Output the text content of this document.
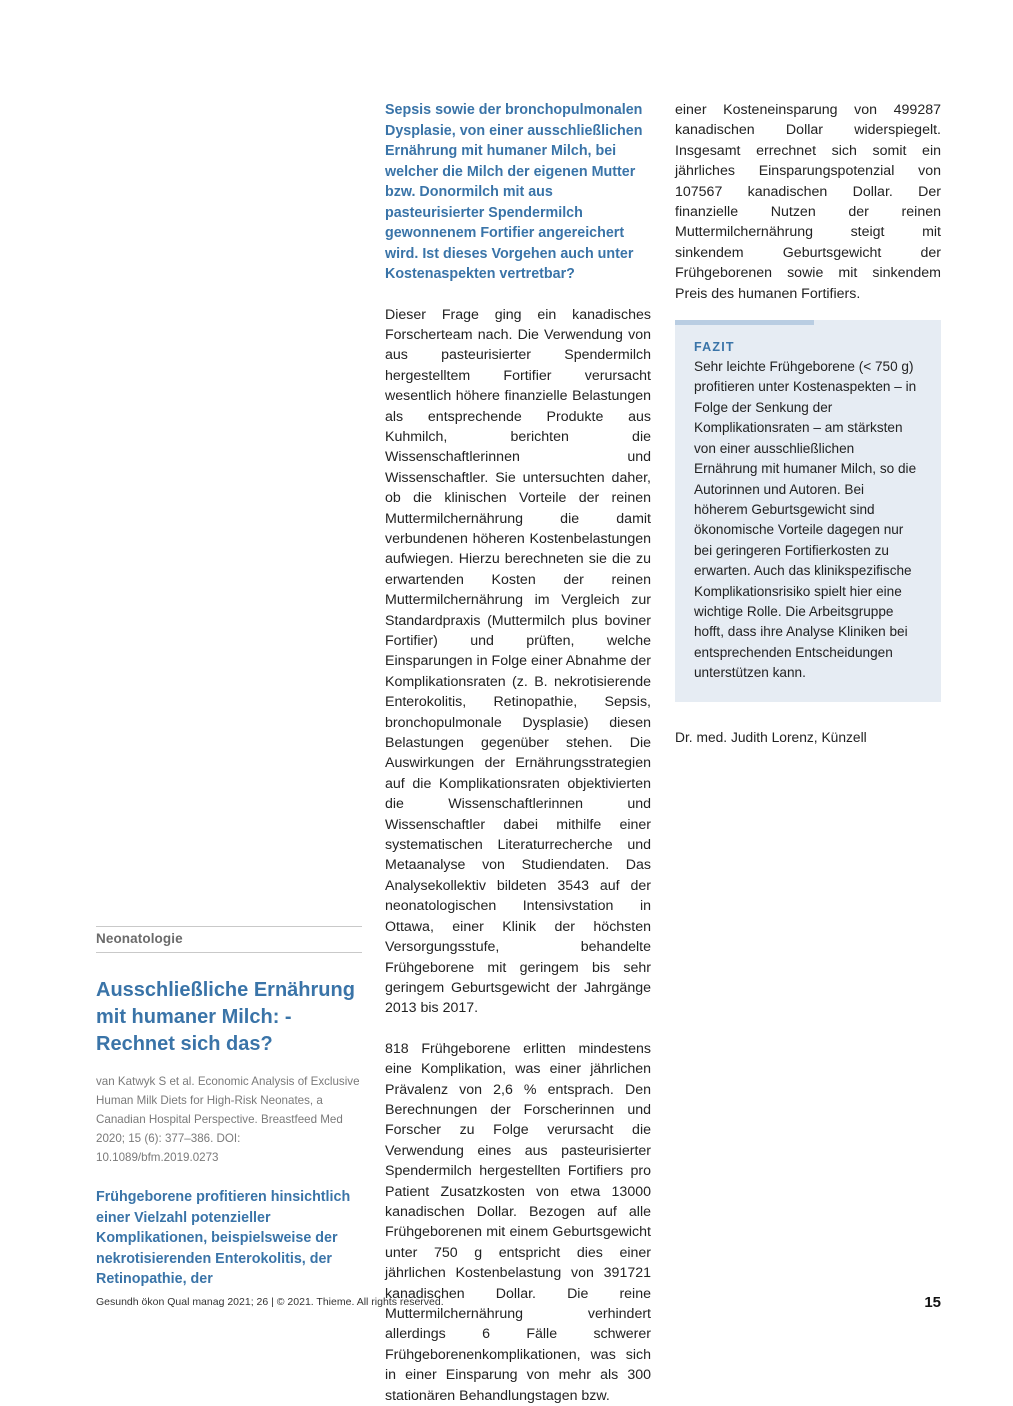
Neonatologie
Ausschließliche Ernährung mit humaner Milch: - Rechnet sich das?
van Katwyk S et al. Economic Analysis of Exclusive Human Milk Diets for High-Risk Neonates, a Canadian Hospital Perspective. Breastfeed Med 2020; 15 (6): 377–386. DOI: 10.1089/bfm.2019.0273

Frühgeborene profitieren hinsichtlich einer Vielzahl potenzieller Komplikationen, beispielsweise der nekrotisierenden Enterokolitis, der Retinopathie, der

Sepsis sowie der bronchopulmonalen Dysplasie, von einer ausschließlichen Ernährung mit humaner Milch, bei welcher die Milch der eigenen Mutter bzw. Donormilch mit aus pasteurisierter Spendermilch gewonnenem Fortifier angereichert wird. Ist dieses Vorgehen auch unter Kostenaspekten vertretbar?

Dieser Frage ging ein kanadisches Forscherteam nach. Die Verwendung von aus pasteurisierter Spendermilch hergestelltem Fortifier verursacht wesentlich höhere finanzielle Belastungen als entsprechende Produkte aus Kuhmilch, berichten die Wissenschaftlerinnen und Wissenschaftler. Sie untersuchten daher, ob die klinischen Vorteile der reinen Muttermilchernährung die damit verbundenen höheren Kostenbelastungen aufwiegen. Hierzu berechneten sie die zu erwartenden Kosten der reinen Muttermilchernährung im Vergleich zur Standardpraxis (Muttermilch plus boviner Fortifier) und prüften, welche Einsparungen in Folge einer Abnahme der Komplikationsraten (z. B. nekrotisierende Enterokolitis, Retinopathie, Sepsis, bronchopulmonale Dysplasie) diesen Belastungen gegenüber stehen. Die Auswirkungen der Ernährungsstrategien auf die Komplikationsraten objektivierten die Wissenschaftlerinnen und Wissenschaftler dabei mithilfe einer systematischen Literaturrecherche und Metaanalyse von Studiendaten. Das Analysekollektiv bildeten 3543 auf der neonatologischen Intensivstation in Ottawa, einer Klinik der höchsten Versorgungsstufe, behandelte Frühgeborene mit geringem bis sehr geringem Geburtsgewicht der Jahrgänge 2013 bis 2017.

818 Frühgeborene erlitten mindestens eine Komplikation, was einer jährlichen Prävalenz von 2,6 % entsprach. Den Berechnungen der Forscherinnen und Forscher zu Folge verursacht die Verwendung eines aus pasteurisierter Spendermilch hergestellten Fortifiers pro Patient Zusatzkosten von etwa 13000 kanadischen Dollar. Bezogen auf alle Frühgeborenen mit einem Geburtsgewicht unter 750 g entspricht dies einer jährlichen Kostenbelastung von 391721 kanadischen Dollar. Die reine Muttermilchernährung verhindert allerdings 6 Fälle schwerer Frühgeborenenkomplikationen, was sich in einer Einsparung von mehr als 300 stationären Behandlungstagen bzw.

einer Kosteneinsparung von 499287 kanadischen Dollar widerspiegelt. Insgesamt errechnet sich somit ein jährliches Einsparungspotenzial von 107567 kanadischen Dollar. Der finanzielle Nutzen der reinen Muttermilchernährung steigt mit sinkendem Geburtsgewicht der Frühgeborenen sowie mit sinkendem Preis des humanen Fortifiers.

FAZIT

Sehr leichte Frühgeborene (< 750 g) profitieren unter Kostenaspekten – in Folge der Senkung der Komplikationsraten – am stärksten von einer ausschließlichen Ernährung mit humaner Milch, so die Autorinnen und Autoren. Bei höherem Geburtsgewicht sind ökonomische Vorteile dagegen nur bei geringeren Fortifierkosten zu erwarten. Auch das klinikspezifische Komplikationsrisiko spielt hier eine wichtige Rolle. Die Arbeitsgruppe hofft, dass ihre Analyse Kliniken bei entsprechenden Entscheidungen unterstützen kann.

Dr. med. Judith Lorenz, Künzell
Gesundh ökon Qual manag 2021; 26 | © 2021. Thieme. All rights reserved.	15
